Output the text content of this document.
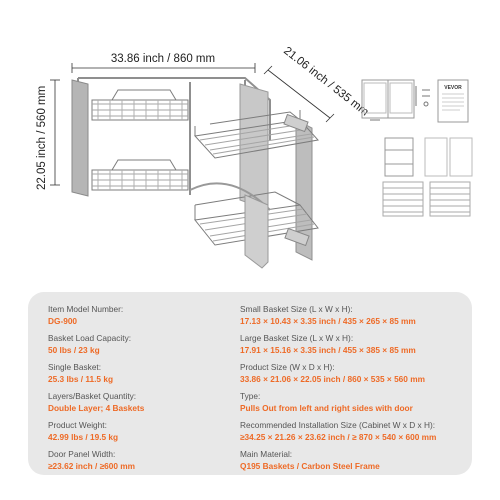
33.86 inch / 860 mm	21.06 inch / 535 mm
22.05 inch / 560 mm	VEVOR
Item Model Number:
DG-900
Basket Load Capacity:
50 lbs / 23 kg
Single Basket:
25.3 lbs / 11.5 kg
Layers/Basket Quantity:
Double Layer; 4 Baskets
Product Weight:
42.99 lbs / 19.5 kg
Door Panel Width:
≥23.62 inch / ≥600 mm
Small Basket Size (L x W x H):
17.13 × 10.43 × 3.35 inch / 435 × 265 × 85 mm
Large Basket Size (L x W x H):
17.91 × 15.16 × 3.35 inch / 455 × 385 × 85 mm
Product Size (W x D x H):
33.86 × 21.06 × 22.05 inch / 860 × 535 × 560 mm
Type:
Pulls Out from left and right sides with door
Recommended Installation Size (Cabinet W x D x H):
≥34.25 × 21.26 × 23.62 inch / ≥ 870 × 540 × 600 mm
Main Material:
Q195 Baskets / Carbon Steel Frame
